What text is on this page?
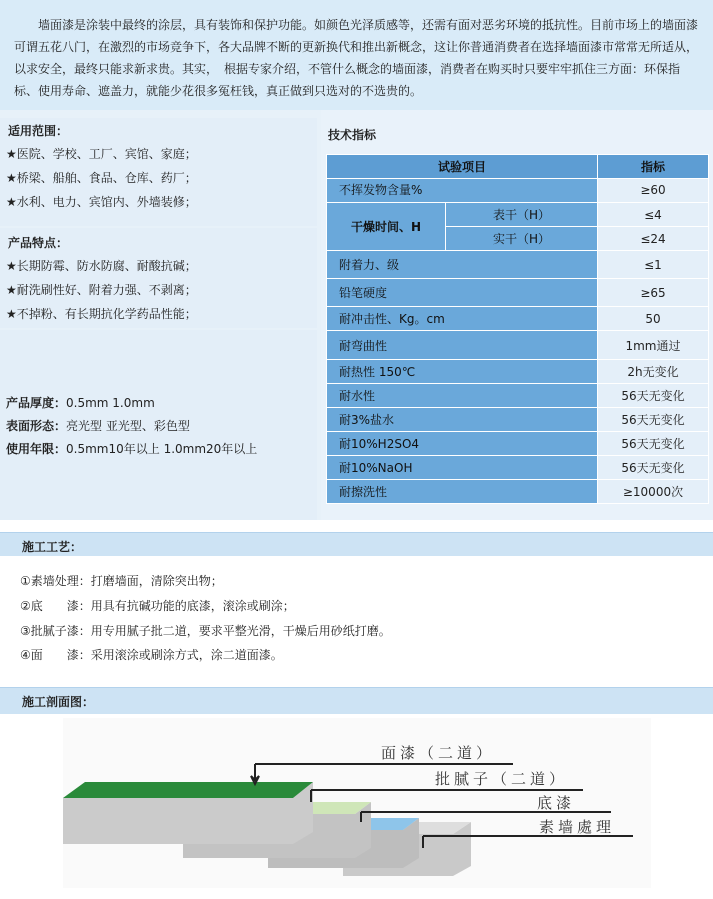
墙面漆是涂装中最终的涂层，具有装饰和保护功能。如颜色光泽质感等，还需有面对恶劣环境的抵抗性。目前市场上的墙面漆可谓五花八门，在激烈的市场竞争下，各大品牌不断的更新换代和推出新概念，这让你普通消费者在选择墙面漆市常常无所适从，以求安全，最终只能求新求贵。其实，　根据专家介绍，不管什么概念的墙面漆，消费者在购买时只要牢牢抓住三方面：环保指标、使用寿命、遮盖力，就能少花很多冤枉钱，真正做到只选对的不选贵的。

适用范围：
★医院、学校、工厂、宾馆、家庭；
★桥梁、船舶、食品、仓库、药厂；
★水利、电力、宾馆内、外墙装修；
产品特点：
★长期防霉、防水防腐、耐酸抗碱；
★耐洗刷性好、附着力强、不剥离；
★不掉粉、有长期抗化学药品性能；
产品厚度：0.5mm 1.0mm
表面形态：亮光型 亚光型、彩色型
使用年限：0.5mm10年以上 1.0mm20年以上
技术指标
试验项目		指标

不挥发物含量%		≥60

干燥时间、H	表干（H）	≤4
	实干（H）	≤24
附着力、级		≤1
铅笔硬度		≥65
耐冲击性、Kg。cm		50
耐弯曲性		1mm通过
耐热性 150℃		2h无变化
耐水性		56天无变化
耐3%盐水		56天无变化
耐10%H2SO4		56天无变化
耐10%NaOH		56天无变化
耐擦洗性		≥10000次
施工工艺：
①素墙处理：打磨墙面，清除突出物；
②底　　漆：用具有抗碱功能的底漆，滚涂或刷涂；
③批腻子漆：用专用腻子批二道，要求平整光滑，干燥后用砂纸打磨。
④面　　漆：采用滚涂或刷涂方式，涂二道面漆。
施工剖面图：
面漆（二道）
批腻子（二道）
底漆
素墙處理
